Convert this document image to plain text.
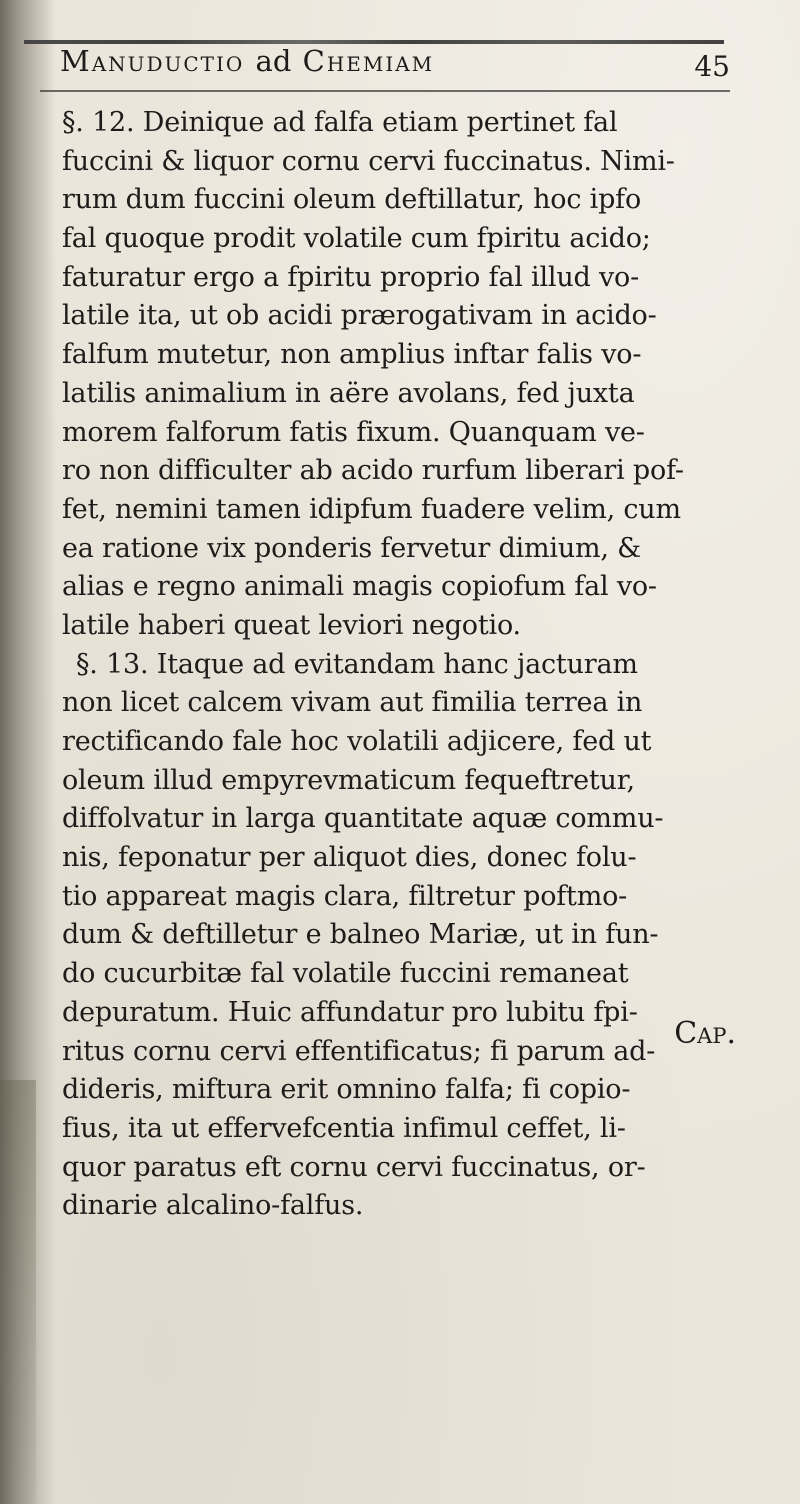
Manuductio ad Chemiam	45
§. 12. Deinique ad falfa etiam pertinet fal
fuccini & liquor cornu cervi fuccinatus. Nimi-
rum dum fuccini oleum deftillatur, hoc ipfo
fal quoque prodit volatile cum fpiritu acido;
faturatur ergo a fpiritu proprio fal illud vo-
latile ita, ut ob acidi prærogativam in acido-
falfum mutetur, non amplius inftar falis vo-
latilis animalium in aëre avolans, fed juxta
morem falforum fatis fixum. Quanquam ve-
ro non difficulter ab acido rurfum liberari pof-
fet, nemini tamen idipfum fuadere velim, cum
ea ratione vix ponderis fervetur dimium, &
alias e regno animali magis copiofum fal vo-
latile haberi queat leviori negotio.
§. 13. Itaque ad evitandam hanc jacturam
non licet calcem vivam aut fimilia terrea in
rectificando fale hoc volatili adjicere, fed ut
oleum illud empyrevmaticum fequeftretur,
diffolvatur in larga quantitate aquæ commu-
nis, feponatur per aliquot dies, donec folu-
tio appareat magis clara, filtretur poftmo-
dum & deftilletur e balneo Mariæ, ut in fun-
do cucurbitæ fal volatile fuccini remaneat
depuratum. Huic affundatur pro lubitu fpi-
ritus cornu cervi effentificatus; fi parum ad-
dideris, miftura erit omnino falfa; fi copio-
fius, ita ut effervefcentia infimul ceffet, li-
quor paratus eft cornu cervi fuccinatus, or-
dinarie alcalino-falfus.
Cap.
